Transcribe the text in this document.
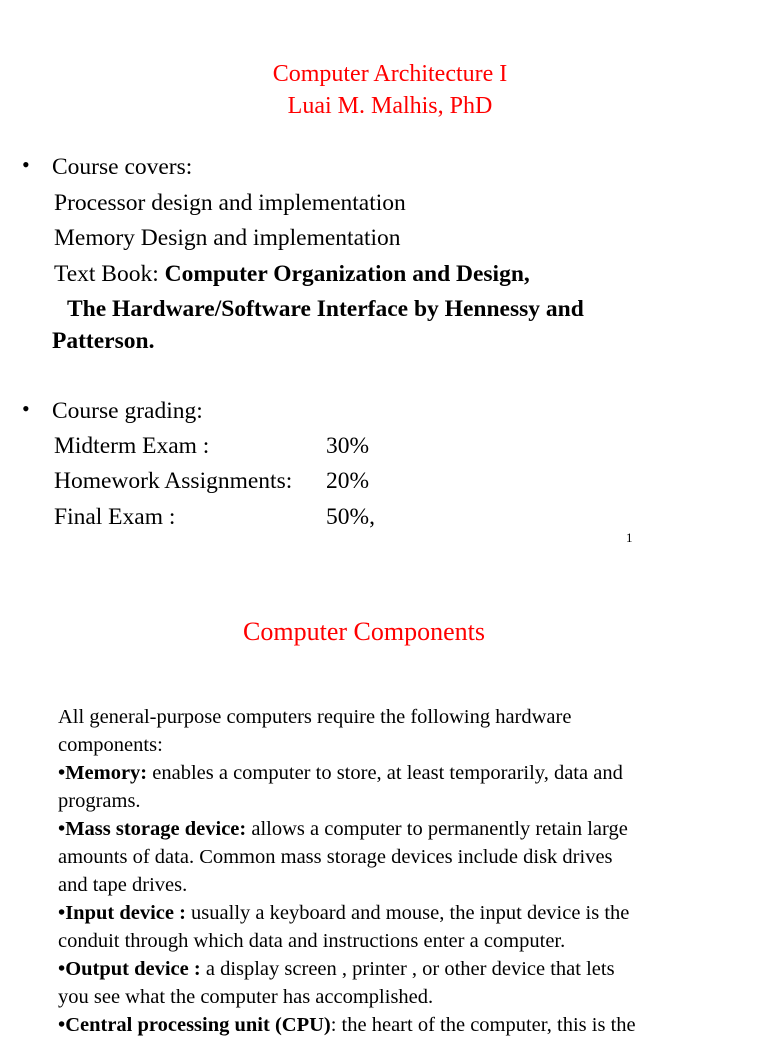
Computer Architecture I
Luai M. Malhis, PhD
• Course covers:
Processor design and implementation
Memory Design and implementation
Text Book: Computer Organization and Design,
The Hardware/Software Interface by Hennessy and
Patterson.
• Course grading:
Midterm Exam :	30%
Homework Assignments: 20%
Final Exam :	50%,
1
Computer Components
All general-purpose computers require the following hardware
components:
•Memory: enables a computer to store, at least temporarily, data and
programs.
•Mass storage device: allows a computer to permanently retain large
amounts of data. Common mass storage devices include disk drives
and tape drives.
•Input device : usually a keyboard and mouse, the input device is the
conduit through which data and instructions enter a computer.
•Output device : a display screen , printer , or other device that lets
you see what the computer has accomplished.
•Central processing unit (CPU): the heart of the computer, this is the
